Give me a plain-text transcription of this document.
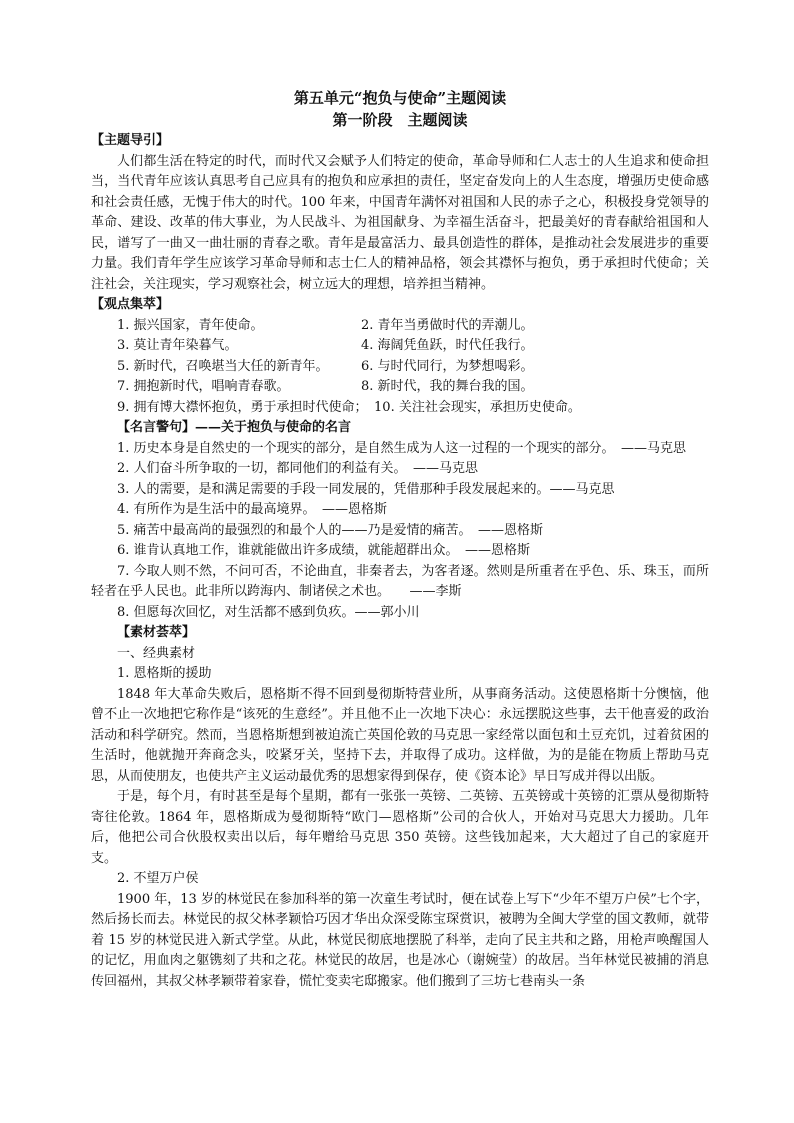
第五单元“抱负与使命”主题阅读

第一阶段　主题阅读

【主题导引】

人们都生活在特定的时代，而时代又会赋予人们特定的使命，革命导师和仁人志士的人生追求和使命担当，当代青年应该认真思考自己应具有的抱负和应承担的责任，坚定奋发向上的人生态度，增强历史使命感和社会责任感，无愧于伟大的时代。100 年来，中国青年满怀对祖国和人民的赤子之心，积极投身党领导的革命、建设、改革的伟大事业，为人民战斗、为祖国献身、为幸福生活奋斗，把最美好的青春献给祖国和人民，谱写了一曲又一曲壮丽的青春之歌。青年是最富活力、最具创造性的群体，是推动社会发展进步的重要力量。我们青年学生应该学习革命导师和志士仁人的精神品格，领会其襟怀与抱负，勇于承担时代使命；关注社会，关注现实，学习观察社会，树立远大的理想，培养担当精神。

【观点集萃】

1. 振兴国家，青年使命。	2. 青年当勇做时代的弄潮儿。
3. 莫让青年染暮气。	4. 海阔凭鱼跃，时代任我行。
5. 新时代，召唤堪当大任的新青年。	6. 与时代同行，为梦想喝彩。
7. 拥抱新时代，唱响青春歌。	8. 新时代，我的舞台我的国。
9. 拥有博大襟怀抱负，勇于承担时代使命；　10. 关注社会现实，承担历史使命。

【名言警句】——关于抱负与使命的名言

1. 历史本身是自然史的一个现实的部分，是自然生成为人这一过程的一个现实的部分。　——马克思

2. 人们奋斗所争取的一切，都同他们的利益有关。　——马克思

3. 人的需要，是和满足需要的手段一同发展的，凭借那种手段发展起来的。——马克思

4. 有所作为是生活中的最高境界。　——恩格斯

5. 痛苦中最高尚的最强烈的和最个人的——乃是爱情的痛苦。　——恩格斯

6. 谁肯认真地工作，谁就能做出许多成绩，就能超群出众。　——恩格斯

7. 今取人则不然，不问可否，不论曲直，非秦者去，为客者逐。然则是所重者在乎色、乐、珠玉，而所轻者在乎人民也。此非所以跨海内、制诸侯之术也。　　——李斯

8. 但愿每次回忆，对生活都不感到负疚。——郭小川

【素材荟萃】

一、经典素材

1. 恩格斯的援助

1848 年大革命失败后，恩格斯不得不回到曼彻斯特营业所，从事商务活动。这使恩格斯十分懊恼，他曾不止一次地把它称作是“该死的生意经”。并且他不止一次地下决心：永远摆脱这些事，去干他喜爱的政治活动和科学研究。然而，当恩格斯想到被迫流亡英国伦敦的马克思一家经常以面包和土豆充饥，过着贫困的生活时，他就抛开奔商念头，咬紧牙关，坚持下去，并取得了成功。这样做，为的是能在物质上帮助马克思，从而使朋友，也使共产主义运动最优秀的思想家得到保存，使《资本论》早日写成并得以出版。

于是，每个月，有时甚至是每个星期，都有一张张一英镑、二英镑、五英镑或十英镑的汇票从曼彻斯特寄往伦敦。1864 年，恩格斯成为曼彻斯特“欧门—恩格斯”公司的合伙人，开始对马克思大力援助。几年后，他把公司合伙股权卖出以后，每年赠给马克思 350 英镑。这些钱加起来，大大超过了自己的家庭开支。

2. 不望万户侯

1900 年，13 岁的林觉民在参加科举的第一次童生考试时，便在试卷上写下“少年不望万户侯”七个字，然后扬长而去。林觉民的叔父林孝颖恰巧因才华出众深受陈宝琛赏识，被聘为全闽大学堂的国文教师，就带着 15 岁的林觉民进入新式学堂。从此，林觉民彻底地摆脱了科举，走向了民主共和之路，用枪声唤醒国人的记忆，用血肉之躯镌刻了共和之花。林觉民的故居，也是冰心（谢婉莹）的故居。当年林觉民被捕的消息传回福州，其叔父林孝颖带着家眷，慌忙变卖宅邸搬家。他们搬到了三坊七巷南头一条
